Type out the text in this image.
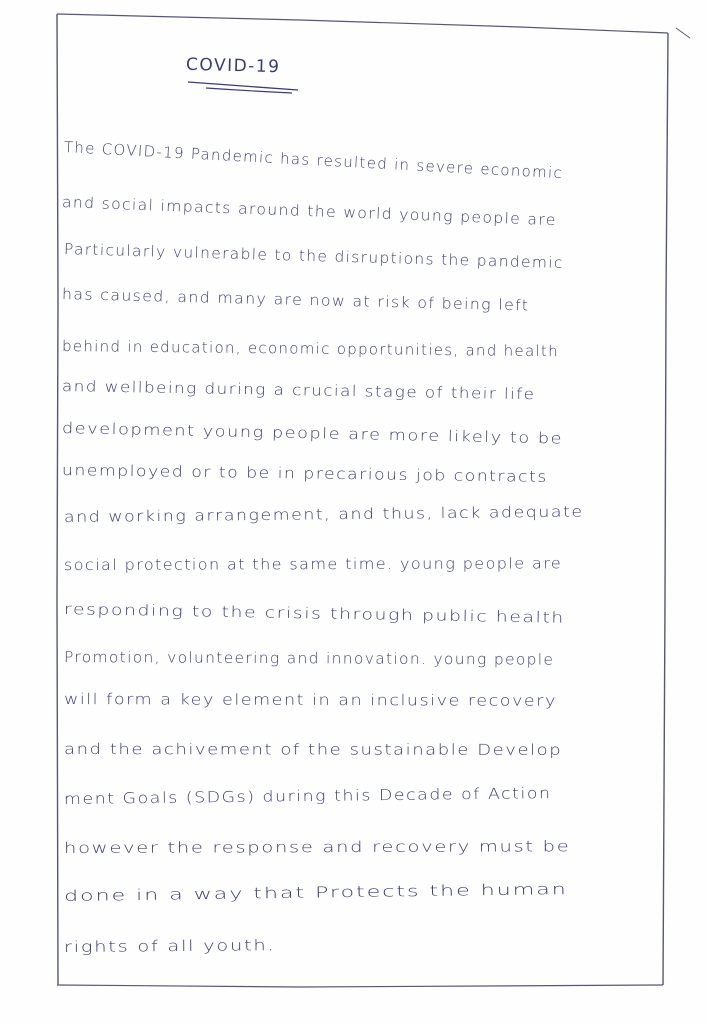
COVID-19
The COVID-19 Pandemic has resulted in severe economic
and social impacts around the world young people are
Particularly vulnerable to the disruptions the pandemic
has caused, and many are now at risk of being left
behind in education, economic opportunities, and health
and wellbeing during a crucial stage of their life
development young people are more likely to be
unemployed or to be in precarious job contracts
and working arrangement, and thus, lack adequate
social protection at the same time. young people are
responding to the crisis through public health
Promotion, volunteering and innovation. young people
will form a key element in an inclusive recovery
and the achivement of the sustainable Develop
ment Goals (SDGs) during this Decade of Action
however the response and recovery must be
done in a way that Protects the human
rights of all youth.
